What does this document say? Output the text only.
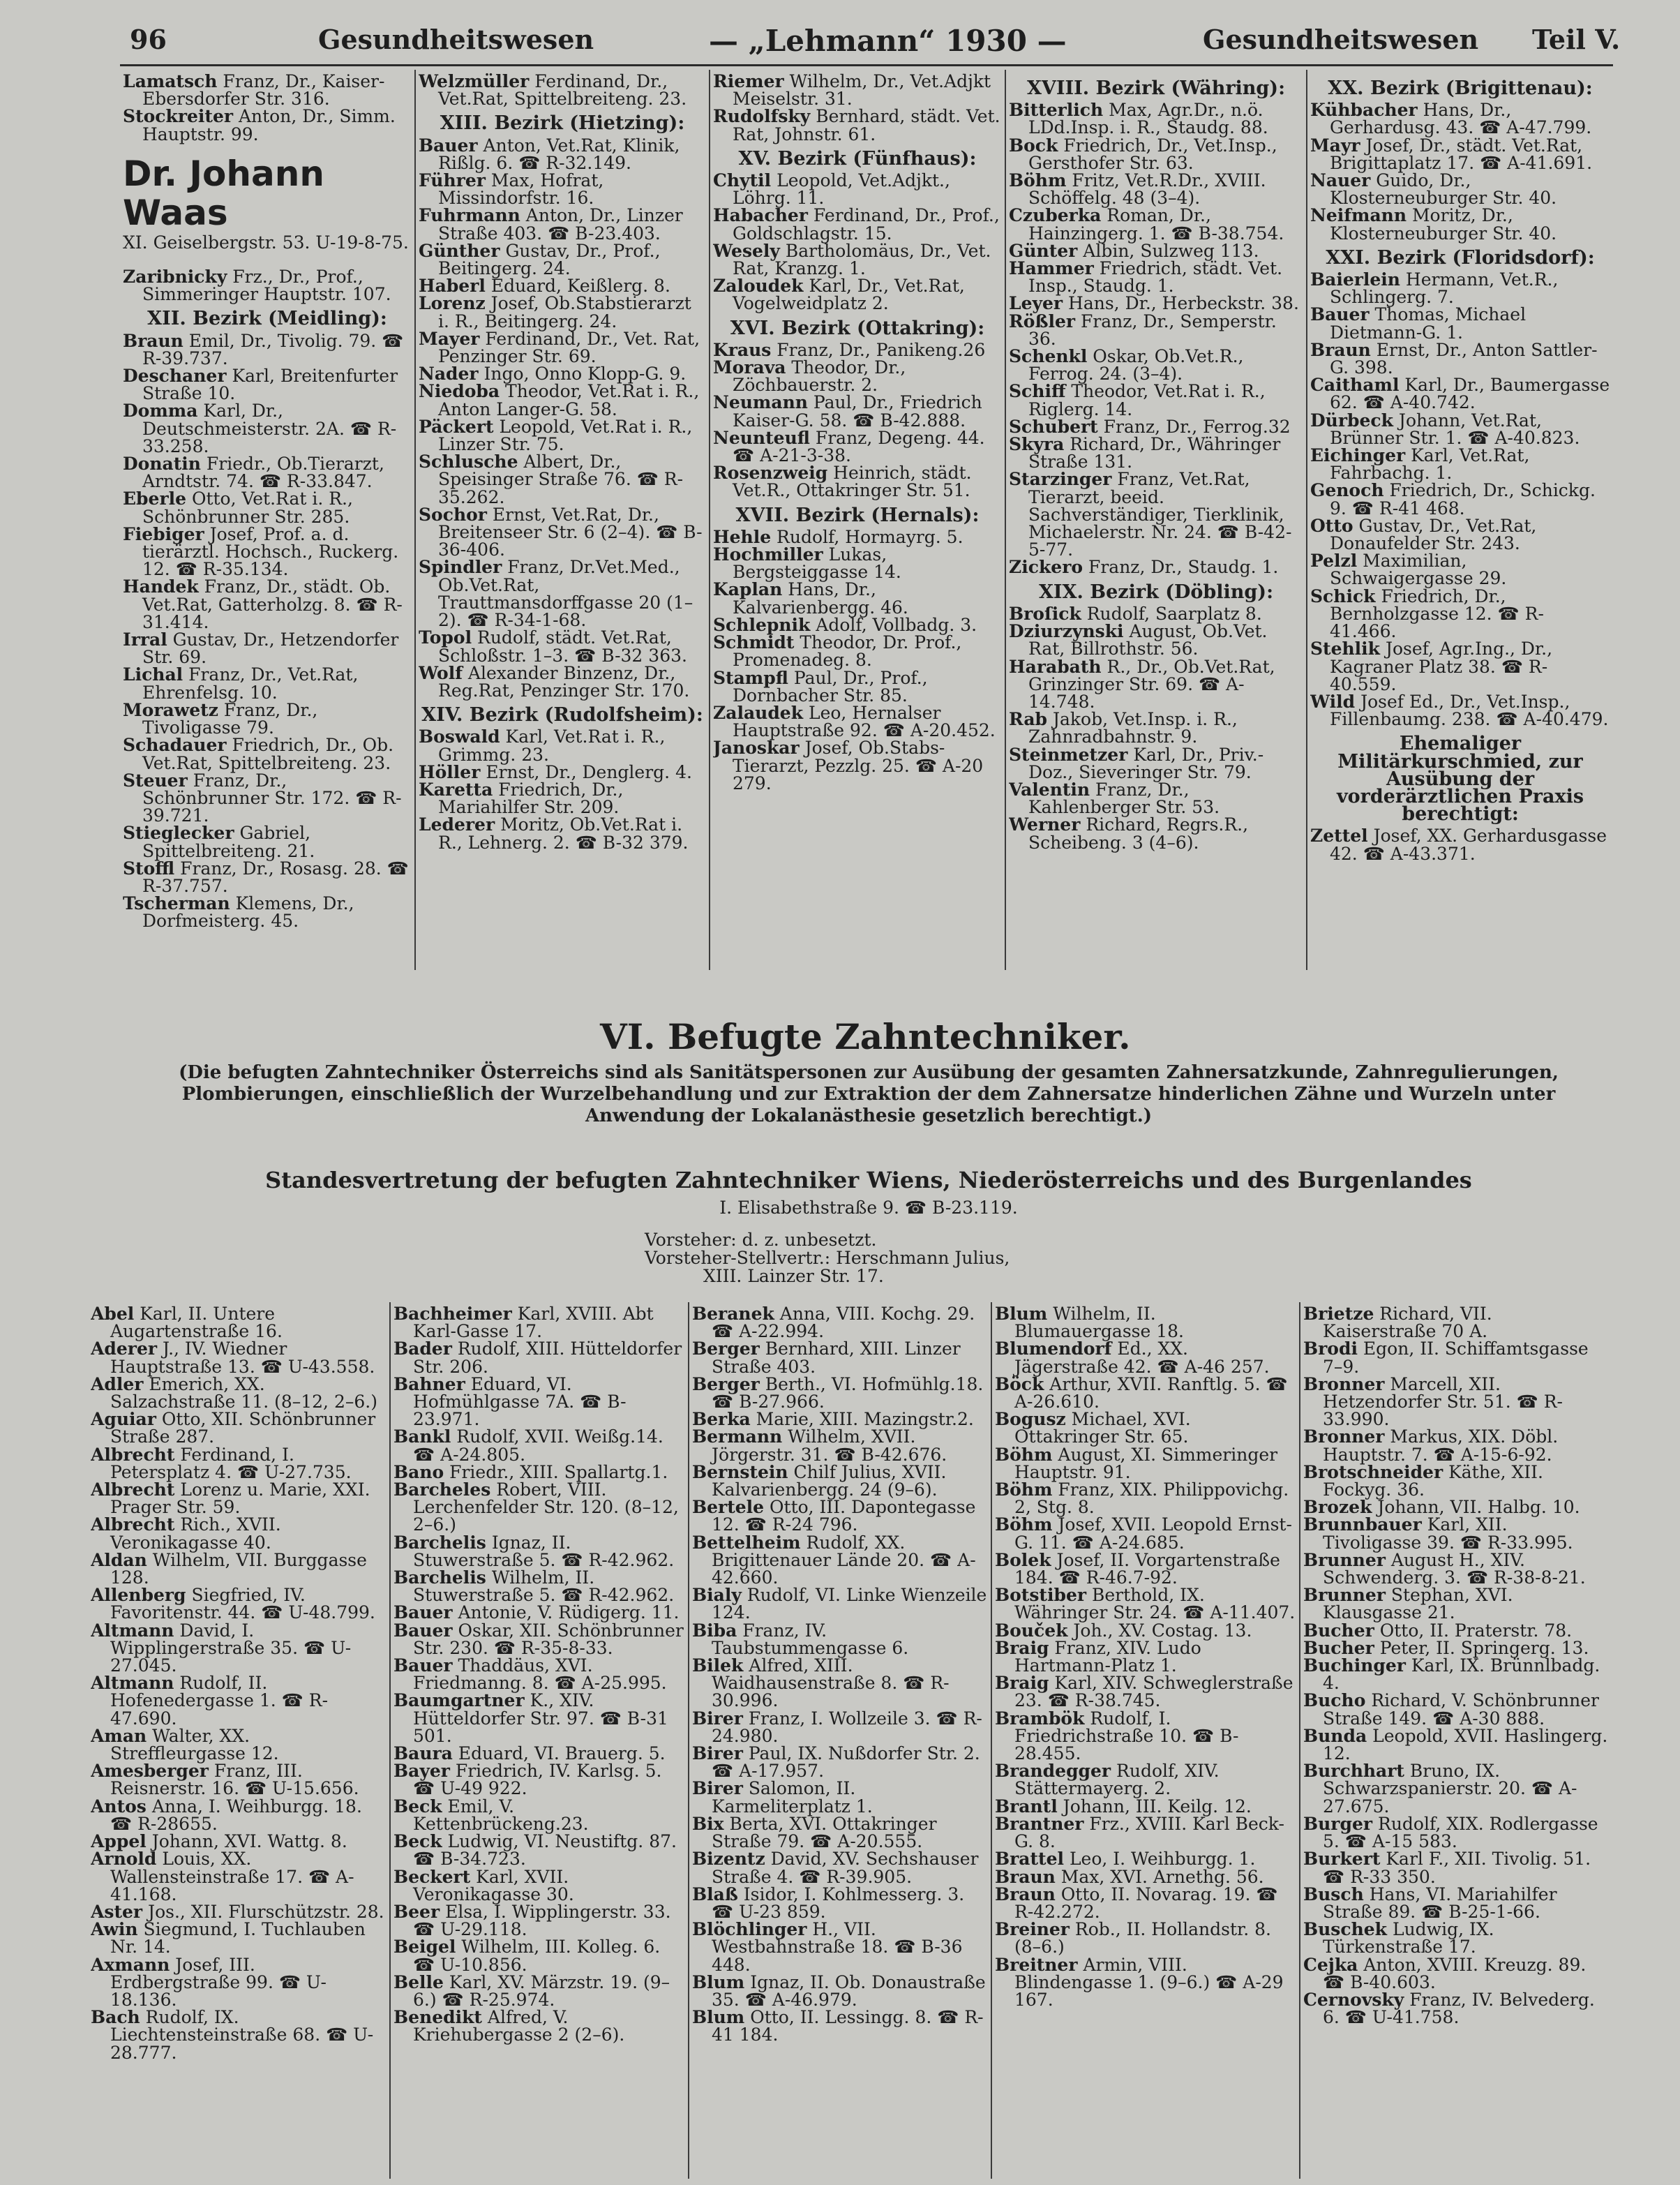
96	Gesundheitswesen	— „Lehmann“ 1930 —	Gesundheitswesen Teil V.

Lamatsch Franz, Dr., Kaiser-Ebersdorfer Str. 316.

Stockreiter Anton, Dr., Simm. Hauptstr. 99.

Dr. Johann Waas

XI. Geiselbergstr. 53. U-19-8-75.

Zaribnicky Frz., Dr., Prof., Simmeringer Hauptstr. 107.

XII. Bezirk (Meidling):

Braun Emil, Dr., Tivolig. 79. ☎ R-39.737.

Deschaner Karl, Breitenfurter Straße 10.

Domma Karl, Dr., Deutschmeisterstr. 2A. ☎ R-33.258.

Donatin Friedr., Ob.Tierarzt, Arndtstr. 74. ☎ R-33.847.

Eberle Otto, Vet.Rat i. R., Schönbrunner Str. 285.

Fiebiger Josef, Prof. a. d. tierärztl. Hochsch., Ruckerg. 12. ☎ R-35.134.

Handek Franz, Dr., städt. Ob. Vet.Rat, Gatterholzg. 8. ☎ R-31.414.

Irral Gustav, Dr., Hetzendorfer Str. 69.

Lichal Franz, Dr., Vet.Rat, Ehrenfelsg. 10.

Morawetz Franz, Dr., Tivoligasse 79.

Schadauer Friedrich, Dr., Ob. Vet.Rat, Spittelbreiteng. 23.

Steuer Franz, Dr., Schönbrunner Str. 172. ☎ R-39.721.

Stieglecker Gabriel, Spittelbreiteng. 21.

Stoffl Franz, Dr., Rosasg. 28. ☎ R-37.757.

Tscherman Klemens, Dr., Dorfmeisterg. 45.

Welzmüller Ferdinand, Dr., Vet.Rat, Spittelbreiteng. 23.

XIII. Bezirk (Hietzing):

Bauer Anton, Vet.Rat, Klinik, Rißlg. 6. ☎ R-32.149.

Führer Max, Hofrat, Missindorfstr. 16.

Fuhrmann Anton, Dr., Linzer Straße 403. ☎ B-23.403.

Günther Gustav, Dr., Prof., Beitingerg. 24.

Haberl Eduard, Keißlerg. 8.

Lorenz Josef, Ob.Stabstierarzt i. R., Beitingerg. 24.

Mayer Ferdinand, Dr., Vet. Rat, Penzinger Str. 69.

Nader Ingo, Onno Klopp-G. 9.

Niedoba Theodor, Vet.Rat i. R., Anton Langer-G. 58.

Päckert Leopold, Vet.Rat i. R., Linzer Str. 75.

Schlusche Albert, Dr., Speisinger Straße 76. ☎ R-35.262.

Sochor Ernst, Vet.Rat, Dr., Breitenseer Str. 6 (2–4). ☎ B-36-406.

Spindler Franz, Dr.Vet.Med., Ob.Vet.Rat, Trauttmansdorffgasse 20 (1–2). ☎ R-34-1-68.

Topol Rudolf, städt. Vet.Rat, Schloßstr. 1–3. ☎ B-32 363.

Wolf Alexander Binzenz, Dr., Reg.Rat, Penzinger Str. 170.

XIV. Bezirk (Rudolfsheim):

Boswald Karl, Vet.Rat i. R., Grimmg. 23.

Höller Ernst, Dr., Denglerg. 4.

Karetta Friedrich, Dr., Mariahilfer Str. 209.

Lederer Moritz, Ob.Vet.Rat i. R., Lehnerg. 2. ☎ B-32 379.

Riemer Wilhelm, Dr., Vet.Adjkt Meiselstr. 31.

Rudolfsky Bernhard, städt. Vet. Rat, Johnstr. 61.

XV. Bezirk (Fünfhaus):

Chytil Leopold, Vet.Adjkt., Löhrg. 11.

Habacher Ferdinand, Dr., Prof., Goldschlagstr. 15.

Wesely Bartholomäus, Dr., Vet. Rat, Kranzg. 1.

Zaloudek Karl, Dr., Vet.Rat, Vogelweidplatz 2.

XVI. Bezirk (Ottakring):

Kraus Franz, Dr., Panikeng.26

Morava Theodor, Dr., Zöchbauerstr. 2.

Neumann Paul, Dr., Friedrich Kaiser-G. 58. ☎ B-42.888.

Neunteufl Franz, Degeng. 44. ☎ A-21-3-38.

Rosenzweig Heinrich, städt. Vet.R., Ottakringer Str. 51.

XVII. Bezirk (Hernals):

Hehle Rudolf, Hormayrg. 5.

Hochmiller Lukas, Bergsteiggasse 14.

Kaplan Hans, Dr., Kalvarienbergg. 46.

Schlepnik Adolf, Vollbadg. 3.

Schmidt Theodor, Dr. Prof., Promenadeg. 8.

Stampfl Paul, Dr., Prof., Dornbacher Str. 85.

Zalaudek Leo, Hernalser Hauptstraße 92. ☎ A-20.452.

Janoskar Josef, Ob.Stabs-Tierarzt, Pezzlg. 25. ☎ A-20 279.

XVIII. Bezirk (Währing):

Bitterlich Max, Agr.Dr., n.ö. LDd.Insp. i. R., Staudg. 88.

Bock Friedrich, Dr., Vet.Insp., Gersthofer Str. 63.

Böhm Fritz, Vet.R.Dr., XVIII. Schöffelg. 48 (3–4).

Czuberka Roman, Dr., Hainzingerg. 1. ☎ B-38.754.

Günter Albin, Sulzweg 113.

Hammer Friedrich, städt. Vet. Insp., Staudg. 1.

Leyer Hans, Dr., Herbeckstr. 38.

Rößler Franz, Dr., Semperstr. 36.

Schenkl Oskar, Ob.Vet.R., Ferrog. 24. (3–4).

Schiff Theodor, Vet.Rat i. R., Riglerg. 14.

Schubert Franz, Dr., Ferrog.32

Skyra Richard, Dr., Währinger Straße 131.

Starzinger Franz, Vet.Rat, Tierarzt, beeid. Sachverständiger, Tierklinik, Michaelerstr. Nr. 24. ☎ B-42-5-77.

Zickero Franz, Dr., Staudg. 1.

XIX. Bezirk (Döbling):

Broſick Rudolf, Saarplatz 8.

Dziurzynski August, Ob.Vet. Rat, Billrothstr. 56.

Harabath R., Dr., Ob.Vet.Rat, Grinzinger Str. 69. ☎ A-14.748.

Rab Jakob, Vet.Insp. i. R., Zahnradbahnstr. 9.

Steinmetzer Karl, Dr., Priv.-Doz., Sieveringer Str. 79.

Valentin Franz, Dr., Kahlenberger Str. 53.

Werner Richard, Regrs.R., Scheibeng. 3 (4–6).

XX. Bezirk (Brigittenau):

Kühbacher Hans, Dr., Gerhardusg. 43. ☎ A-47.799.

Mayr Josef, Dr., städt. Vet.Rat, Brigittaplatz 17. ☎ A-41.691.

Nauer Guido, Dr., Klosterneuburger Str. 40.

Neifmann Moritz, Dr., Klosterneuburger Str. 40.

XXI. Bezirk (Floridsdorf):

Baierlein Hermann, Vet.R., Schlingerg. 7.

Bauer Thomas, Michael Dietmann-G. 1.

Braun Ernst, Dr., Anton Sattler-G. 398.

Caithaml Karl, Dr., Baumergasse 62. ☎ A-40.742.

Dürbeck Johann, Vet.Rat, Brünner Str. 1. ☎ A-40.823.

Eichinger Karl, Vet.Rat, Fahrbachg. 1.

Genoch Friedrich, Dr., Schickg. 9. ☎ R-41 468.

Otto Gustav, Dr., Vet.Rat, Donaufelder Str. 243.

Pelzl Maximilian, Schwaigergasse 29.

Schick Friedrich, Dr., Bernholzgasse 12. ☎ R-41.466.

Stehlik Josef, Agr.Ing., Dr., Kagraner Platz 38. ☎ R-40.559.

Wild Josef Ed., Dr., Vet.Insp., Fillenbaumg. 238. ☎ A-40.479.

Ehemaliger Militärkurschmied, zur Ausübung der vorderärztlichen Praxis berechtigt:

Zettel Josef, XX. Gerhardusgasse 42. ☎ A-43.371.

VI. Befugte Zahntechniker.

(Die befugten Zahntechniker Österreichs sind als Sanitätspersonen zur Ausübung der gesamten Zahnersatzkunde, Zahnregulierungen, Plombierungen, einschließlich der Wurzelbehandlung und zur Extraktion der dem Zahnersatze hinderlichen Zähne und Wurzeln unter Anwendung der Lokalanästhesie gesetzlich berechtigt.)

Standesvertretung der befugten Zahntechniker Wiens, Niederösterreichs und des Burgenlandes
I. Elisabethstraße 9. ☎ B-23.119.
Vorsteher: d. z. unbesetzt.
Vorsteher-Stellvertr.: Herschmann Julius,
XIII. Lainzer Str. 17.

Abel Karl, II. Untere Augartenstraße 16.

Aderer J., IV. Wiedner Hauptstraße 13. ☎ U-43.558.

Adler Emerich, XX. Salzachstraße 11. (8–12, 2–6.)

Aguiar Otto, XII. Schönbrunner Straße 287.

Albrecht Ferdinand, I. Petersplatz 4. ☎ U-27.735.

Albrecht Lorenz u. Marie, XXI. Prager Str. 59.

Albrecht Rich., XVII. Veronikagasse 40.

Aldan Wilhelm, VII. Burggasse 128.

Allenberg Siegfried, IV. Favoritenstr. 44. ☎ U-48.799.

Altmann David, I. Wipplingerstraße 35. ☎ U-27.045.

Altmann Rudolf, II. Hofenedergasse 1. ☎ R-47.690.

Aman Walter, XX. Streffleurgasse 12.

Amesberger Franz, III. Reisnerstr. 16. ☎ U-15.656.

Antos Anna, I. Weihburgg. 18. ☎ R-28655.

Appel Johann, XVI. Wattg. 8.

Arnold Louis, XX. Wallensteinstraße 17. ☎ A-41.168.

Aster Jos., XII. Flurschützstr. 28.

Awin Siegmund, I. Tuchlauben Nr. 14.

Axmann Josef, III. Erdbergstraße 99. ☎ U-18.136.

Bach Rudolf, IX. Liechtensteinstraße 68. ☎ U-28.777.

Bachheimer Karl, XVIII. Abt Karl-Gasse 17.

Bader Rudolf, XIII. Hütteldorfer Str. 206.

Bahner Eduard, VI. Hofmühlgasse 7A. ☎ B-23.971.

Bankl Rudolf, XVII. Weißg.14. ☎ A-24.805.

Bano Friedr., XIII. Spallartg.1.

Barcheles Robert, VIII. Lerchenfelder Str. 120. (8–12, 2–6.)

Barchelis Ignaz, II. Stuwerstraße 5. ☎ R-42.962.

Barchelis Wilhelm, II. Stuwerstraße 5. ☎ R-42.962.

Bauer Antonie, V. Rüdigerg. 11.

Bauer Oskar, XII. Schönbrunner Str. 230. ☎ R-35-8-33.

Bauer Thaddäus, XVI. Friedmanng. 8. ☎ A-25.995.

Baumgartner K., XIV. Hütteldorfer Str. 97. ☎ B-31 501.

Baura Eduard, VI. Brauerg. 5.

Bayer Friedrich, IV. Karlsg. 5. ☎ U-49 922.

Beck Emil, V. Kettenbrückeng.23.

Beck Ludwig, VI. Neustiftg. 87. ☎ B-34.723.

Beckert Karl, XVII. Veronikagasse 30.

Beer Elsa, I. Wipplingerstr. 33. ☎ U-29.118.

Beigel Wilhelm, III. Kolleg. 6. ☎ U-10.856.

Belle Karl, XV. Märzstr. 19. (9–6.) ☎ R-25.974.

Benedikt Alfred, V. Kriehubergasse 2 (2–6).

Beranek Anna, VIII. Kochg. 29. ☎ A-22.994.

Berger Bernhard, XIII. Linzer Straße 403.

Berger Berth., VI. Hofmühlg.18. ☎ B-27.966.

Berka Marie, XIII. Mazingstr.2.

Bermann Wilhelm, XVII. Jörgerstr. 31. ☎ B-42.676.

Bernstein Chilf Julius, XVII. Kalvarienbergg. 24 (9–6).

Bertele Otto, III. Dapontegasse 12. ☎ R-24 796.

Bettelheim Rudolf, XX. Brigittenauer Lände 20. ☎ A-42.660.

Bialy Rudolf, VI. Linke Wienzeile 124.

Biba Franz, IV. Taubstummengasse 6.

Bilek Alfred, XIII. Waidhausenstraße 8. ☎ R-30.996.

Birer Franz, I. Wollzeile 3. ☎ R-24.980.

Birer Paul, IX. Nußdorfer Str. 2. ☎ A-17.957.

Birer Salomon, II. Karmeliterplatz 1.

Bix Berta, XVI. Ottakringer Straße 79. ☎ A-20.555.

Bizentz David, XV. Sechshauser Straße 4. ☎ R-39.905.

Blaß Isidor, I. Kohlmesserg. 3. ☎ U-23 859.

Blöchlinger H., VII. Westbahnstraße 18. ☎ B-36 448.

Blum Ignaz, II. Ob. Donaustraße 35. ☎ A-46.979.

Blum Otto, II. Lessingg. 8. ☎ R-41 184.

Blum Wilhelm, II. Blumauergasse 18.

Blumendorf Ed., XX. Jägerstraße 42. ☎ A-46 257.

Böck Arthur, XVII. Ranftlg. 5. ☎ A-26.610.

Bogusz Michael, XVI. Ottakringer Str. 65.

Böhm August, XI. Simmeringer Hauptstr. 91.

Böhm Franz, XIX. Philippovichg. 2, Stg. 8.

Böhm Josef, XVII. Leopold Ernst-G. 11. ☎ A-24.685.

Bolek Josef, II. Vorgartenstraße 184. ☎ R-46.7-92.

Botstiber Berthold, IX. Währinger Str. 24. ☎ A-11.407.

Bouček Joh., XV. Costag. 13.

Braig Franz, XIV. Ludo Hartmann-Platz 1.

Braig Karl, XIV. Schweglerstraße 23. ☎ R-38.745.

Brambök Rudolf, I. Friedrichstraße 10. ☎ B-28.455.

Brandegger Rudolf, XIV. Stättermayerg. 2.

Brantl Johann, III. Keilg. 12.

Brantner Frz., XVIII. Karl Beck-G. 8.

Brattel Leo, I. Weihburgg. 1.

Braun Max, XVI. Arnethg. 56.

Braun Otto, II. Novarag. 19. ☎ R-42.272.

Breiner Rob., II. Hollandstr. 8. (8–6.)

Breitner Armin, VIII. Blindengasse 1. (9–6.) ☎ A-29 167.

Brietze Richard, VII. Kaiserstraße 70 A.

Brodi Egon, II. Schiffamtsgasse 7–9.

Bronner Marcell, XII. Hetzendorfer Str. 51. ☎ R-33.990.

Bronner Markus, XIX. Döbl. Hauptstr. 7. ☎ A-15-6-92.

Brotschneider Käthe, XII. Fockyg. 36.

Brozek Johann, VII. Halbg. 10.

Brunnbauer Karl, XII. Tivoligasse 39. ☎ R-33.995.

Brunner August H., XIV. Schwenderg. 3. ☎ R-38-8-21.

Brunner Stephan, XVI. Klausgasse 21.

Bucher Otto, II. Praterstr. 78.

Bucher Peter, II. Springerg. 13.

Buchinger Karl, IX. Brünnlbadg. 4.

Bucho Richard, V. Schönbrunner Straße 149. ☎ A-30 888.

Bunda Leopold, XVII. Haslingerg. 12.

Burchhart Bruno, IX. Schwarzspanierstr. 20. ☎ A-27.675.

Burger Rudolf, XIX. Rodlergasse 5. ☎ A-15 583.

Burkert Karl F., XII. Tivolig. 51. ☎ R-33 350.

Busch Hans, VI. Mariahilfer Straße 89. ☎ B-25-1-66.

Buschek Ludwig, IX. Türkenstraße 17.

Cejka Anton, XVIII. Kreuzg. 89. ☎ B-40.603.

Cernovsky Franz, IV. Belvederg. 6. ☎ U-41.758.
